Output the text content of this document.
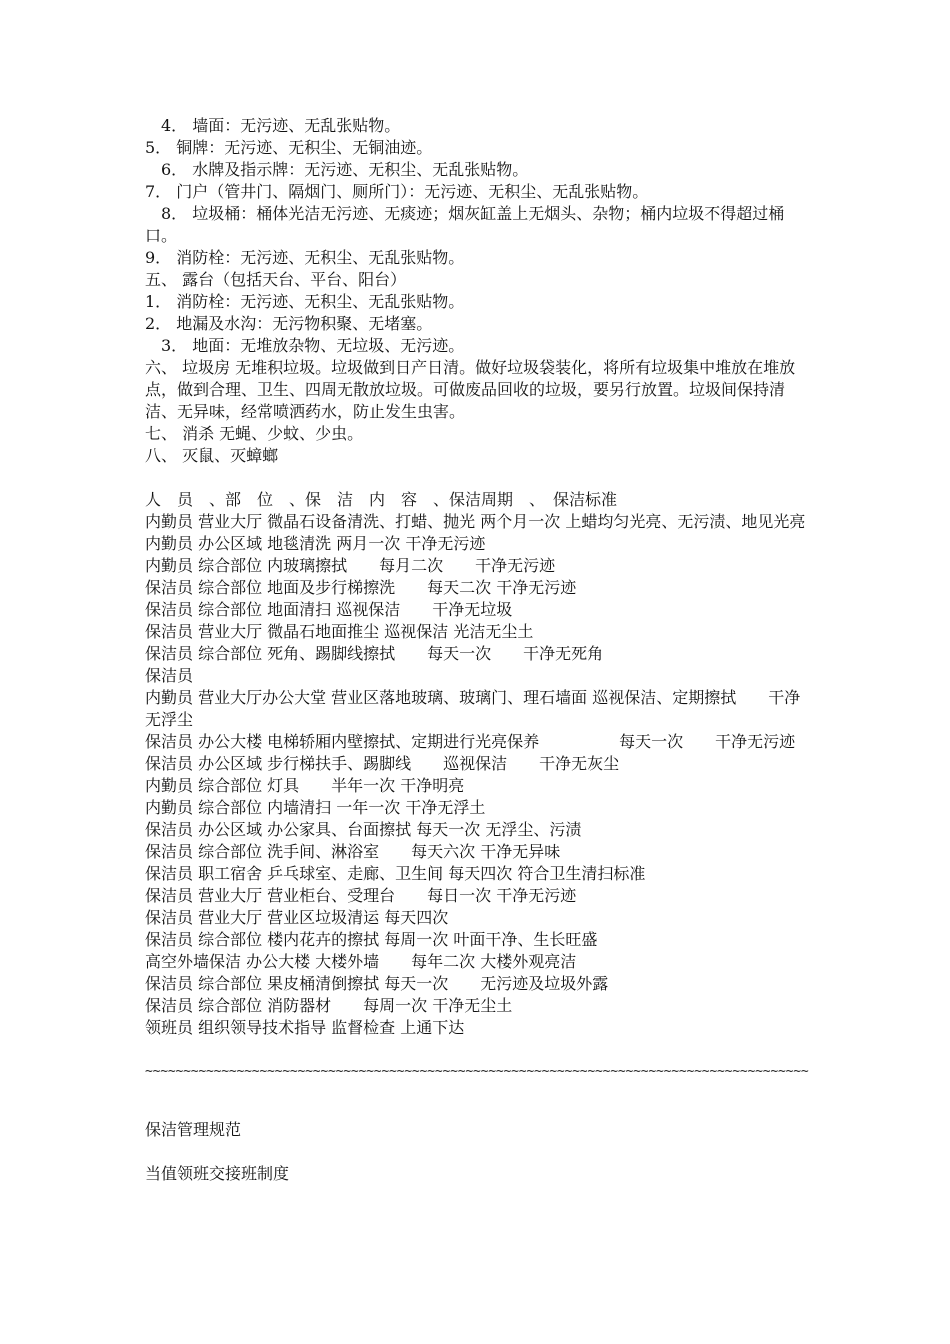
　4． 墙面：无污迹、无乱张贴物。
5． 铜牌：无污迹、无积尘、无铜油迹。
　6． 水牌及指示牌：无污迹、无积尘、无乱张贴物。
7． 门户（管井门、隔烟门、厕所门）：无污迹、无积尘、无乱张贴物。
　8． 垃圾桶：桶体光洁无污迹、无痰迹；烟灰缸盖上无烟头、杂物；桶内垃圾不得超过桶口。
9． 消防栓：无污迹、无积尘、无乱张贴物。
五、 露台（包括天台、平台、阳台）
1． 消防栓：无污迹、无积尘、无乱张贴物。
2． 地漏及水沟：无污物积聚、无堵塞。
　3． 地面：无堆放杂物、无垃圾、无污迹。
六、 垃圾房 无堆积垃圾。垃圾做到日产日清。做好垃圾袋装化，将所有垃圾集中堆放在堆放点，做到合理、卫生、四周无散放垃圾。可做废品回收的垃圾，要另行放置。垃圾间保持清洁、无异味，经常喷洒药水，防止发生虫害。
七、 消杀 无蝇、少蚊、少虫。
八、 灭鼠、灭蟑螂
人　员　、部　位　、保　洁　内　容　、保洁周期　、　保洁标准
内勤员 营业大厅 微晶石设备清洗、打蜡、抛光 两个月一次 上蜡均匀光亮、无污渍、地见光亮
内勤员 办公区域 地毯清洗 两月一次 干净无污迹
内勤员 综合部位 内玻璃擦拭　　每月二次　　干净无污迹
保洁员 综合部位 地面及步行梯擦洗　　每天二次 干净无污迹
保洁员 综合部位 地面清扫 巡视保洁　　干净无垃圾
保洁员 营业大厅 微晶石地面推尘 巡视保洁 光洁无尘土
保洁员 综合部位 死角、踢脚线擦拭　　每天一次　　干净无死角
保洁员
内勤员 营业大厅办公大堂 营业区落地玻璃、玻璃门、理石墙面 巡视保洁、定期擦拭　　干净无浮尘
保洁员 办公大楼 电梯轿厢内壁擦拭、定期进行光亮保养　　　　　每天一次　　干净无污迹
保洁员 办公区域 步行梯扶手、踢脚线　　巡视保洁　　干净无灰尘
内勤员 综合部位 灯具　　半年一次 干净明亮
内勤员 综合部位 内墙清扫 一年一次 干净无浮土
保洁员 办公区域 办公家具、台面擦拭 每天一次 无浮尘、污渍
保洁员 综合部位 洗手间、淋浴室　　每天六次 干净无异味
保洁员 职工宿舍 乒乓球室、走廊、卫生间 每天四次 符合卫生清扫标准
保洁员 营业大厅 营业柜台、受理台　　每日一次 干净无污迹
保洁员 营业大厅 营业区垃圾清运 每天四次
保洁员 综合部位 楼内花卉的擦拭 每周一次 叶面干净、生长旺盛
高空外墙保洁 办公大楼 大楼外墙　　每年二次 大楼外观亮洁
保洁员 综合部位 果皮桶清倒擦拭 每天一次　　无污迹及垃圾外露
保洁员 综合部位 消防器材　　每周一次 干净无尘土
领班员 组织领导技术指导 监督检查 上通下达
~~~~~~~~~~~~~~~~~~~~~~~~~~~~~~~~~~~~~~~~~~~~~~~~~~~~~~~~~~~~~~~~~~~~~~~~~~~~~~~~~~~~~~~
保洁管理规范
当值领班交接班制度
